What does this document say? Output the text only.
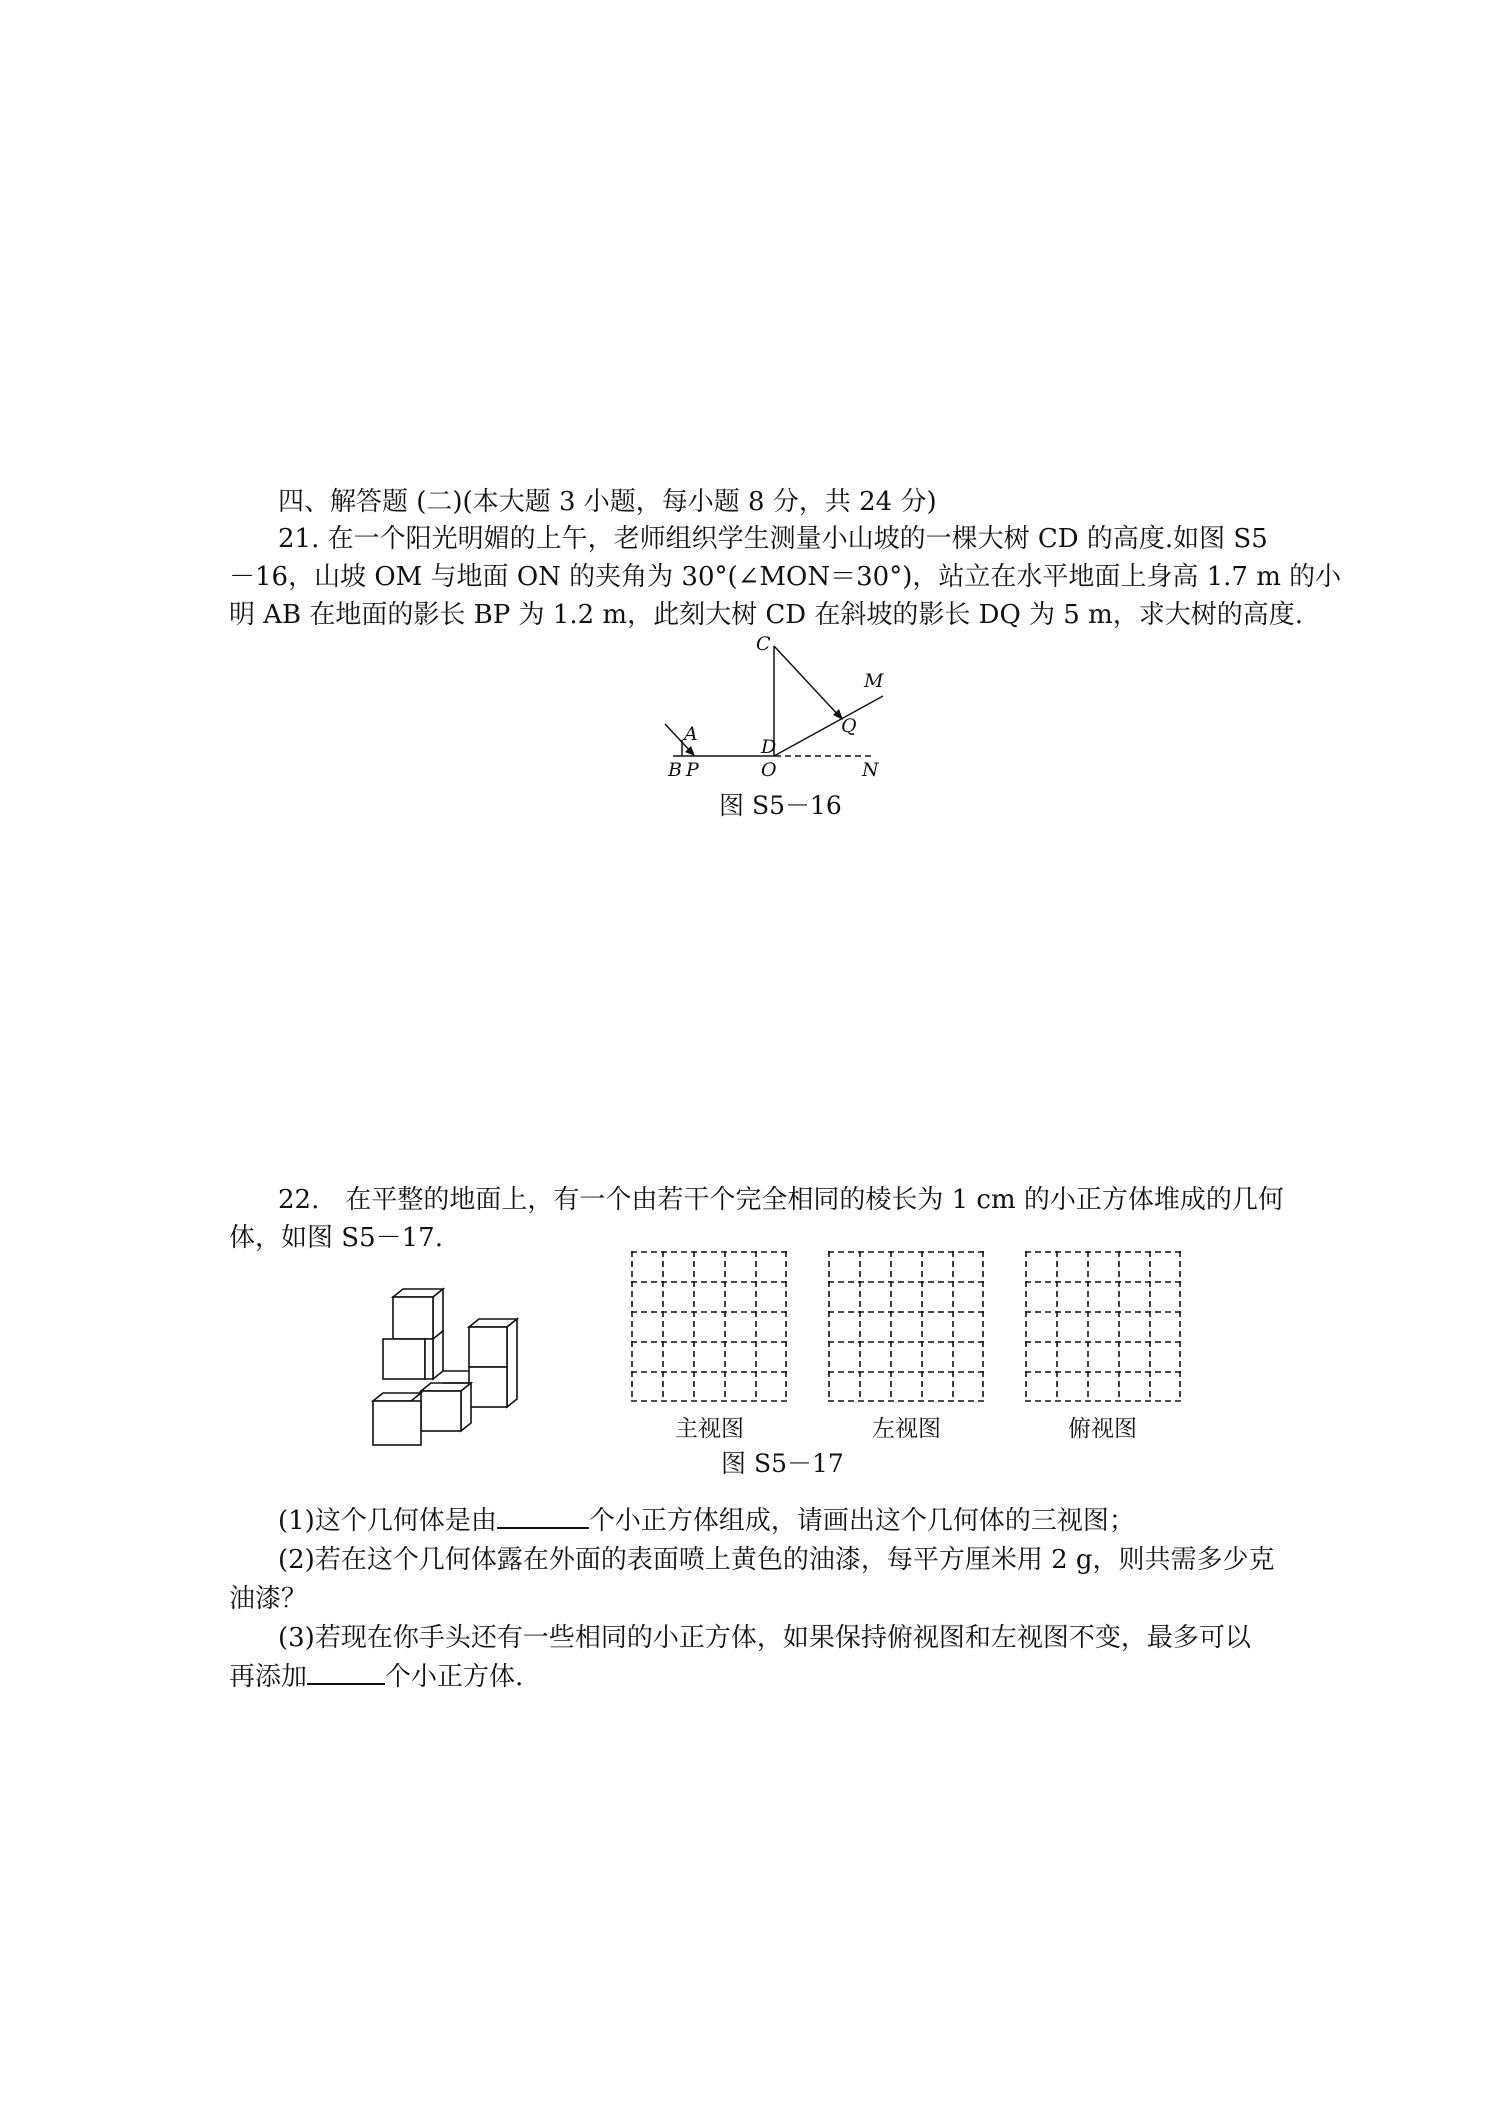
四、解答题 (二)(本大题 3 小题，每小题 8 分，共 24 分)
21. 在一个阳光明媚的上午，老师组织学生测量小山坡的一棵大树 CD 的高度.如图 S5
－16，山坡 OM 与地面 ON 的夹角为 30°(∠MON＝30°)，站立在水平地面上身高 1.7 m 的小
明 AB 在地面的影长 BP 为 1.2 m，此刻大树 CD 在斜坡的影长 DQ 为 5 m，求大树的高度.
C
M
Q
A
D
B P	O	N
图 S5－16
22.　在平整的地面上，有一个由若干个完全相同的棱长为 1 cm 的小正方体堆成的几何
体，如图 S5－17.
主视图	左视图	俯视图
图 S5－17
(1)这个几何体是由	个小正方体组成，请画出这个几何体的三视图；
(2)若在这个几何体露在外面的表面喷上黄色的油漆，每平方厘米用 2 g，则共需多少克
油漆？
(3)若现在你手头还有一些相同的小正方体，如果保持俯视图和左视图不变，最多可以
再添加	个小正方体.
